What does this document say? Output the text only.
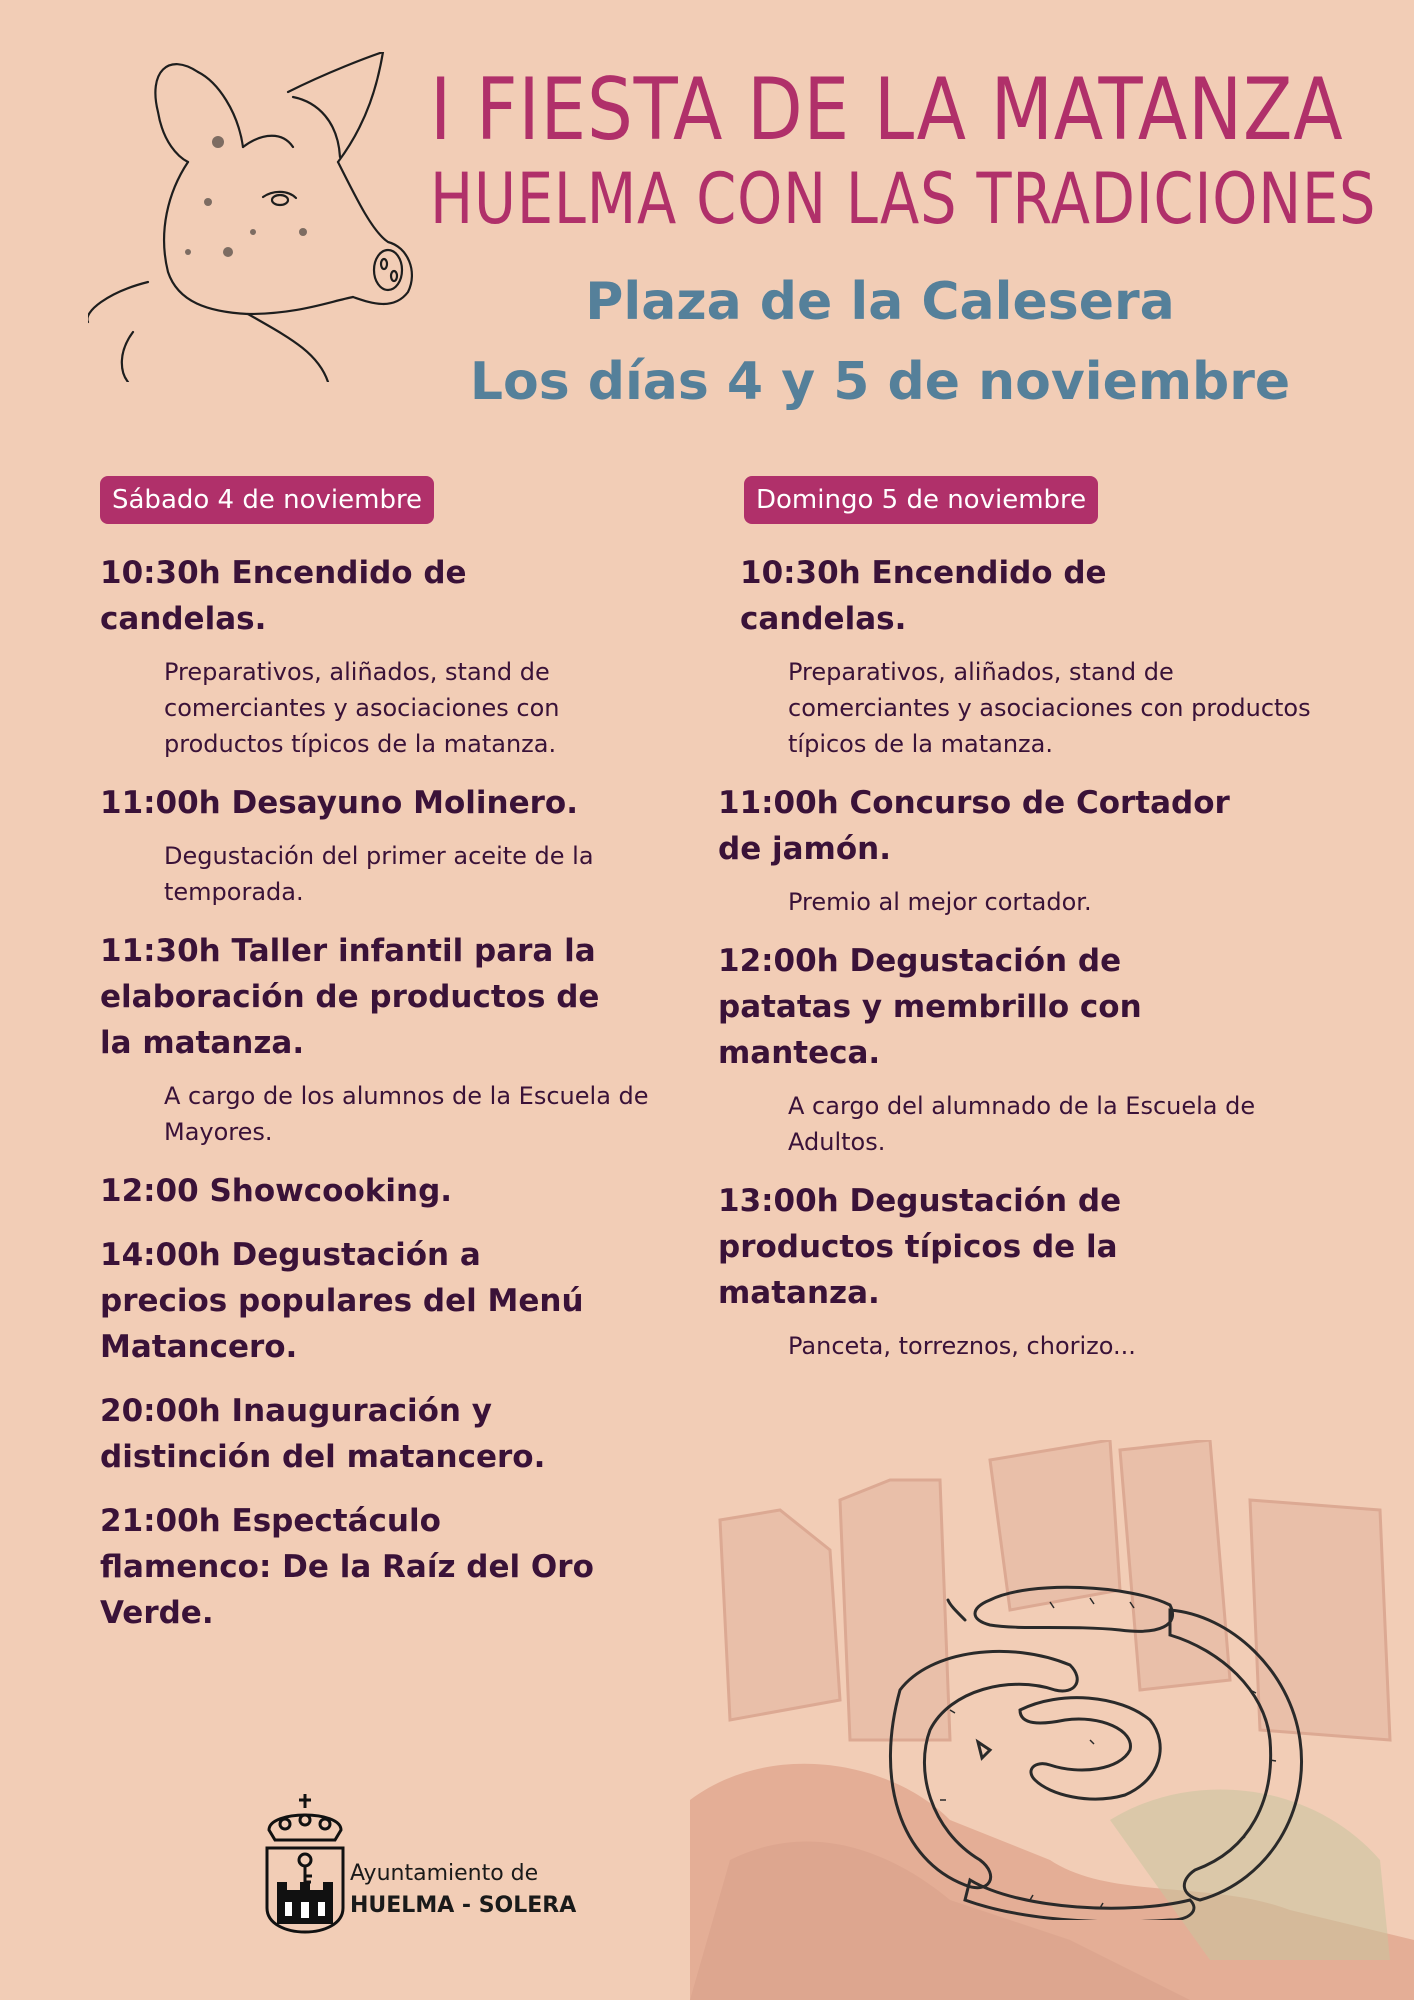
I FIESTA DE LA MATANZA
HUELMA CON LAS TRADICIONES
Plaza de la Calesera
Los días 4 y 5 de noviembre
Sábado 4 de noviembre
10:30h Encendido de candelas.
Preparativos, aliñados, stand de comerciantes y asociaciones con productos típicos de la matanza.
11:00h Desayuno Molinero.
Degustación del primer aceite de la temporada.
11:30h Taller infantil para la elaboración de productos de la matanza.
A cargo de los alumnos de la Escuela de Mayores.
12:00 Showcooking.
14:00h Degustación a precios populares del Menú Matancero.
20:00h Inauguración y distinción del matancero.
21:00h Espectáculo flamenco: De la Raíz del Oro Verde.
Domingo 5 de noviembre
10:30h Encendido de candelas.
Preparativos, aliñados, stand de comerciantes y asociaciones con productos típicos de la matanza.
11:00h Concurso de Cortador de jamón.
Premio al mejor cortador.
12:00h Degustación de patatas y membrillo con manteca.
A cargo del alumnado de la Escuela de Adultos.
13:00h Degustación de productos típicos de la matanza.
Panceta, torreznos, chorizo...
Ayuntamiento de
HUELMA - SOLERA
